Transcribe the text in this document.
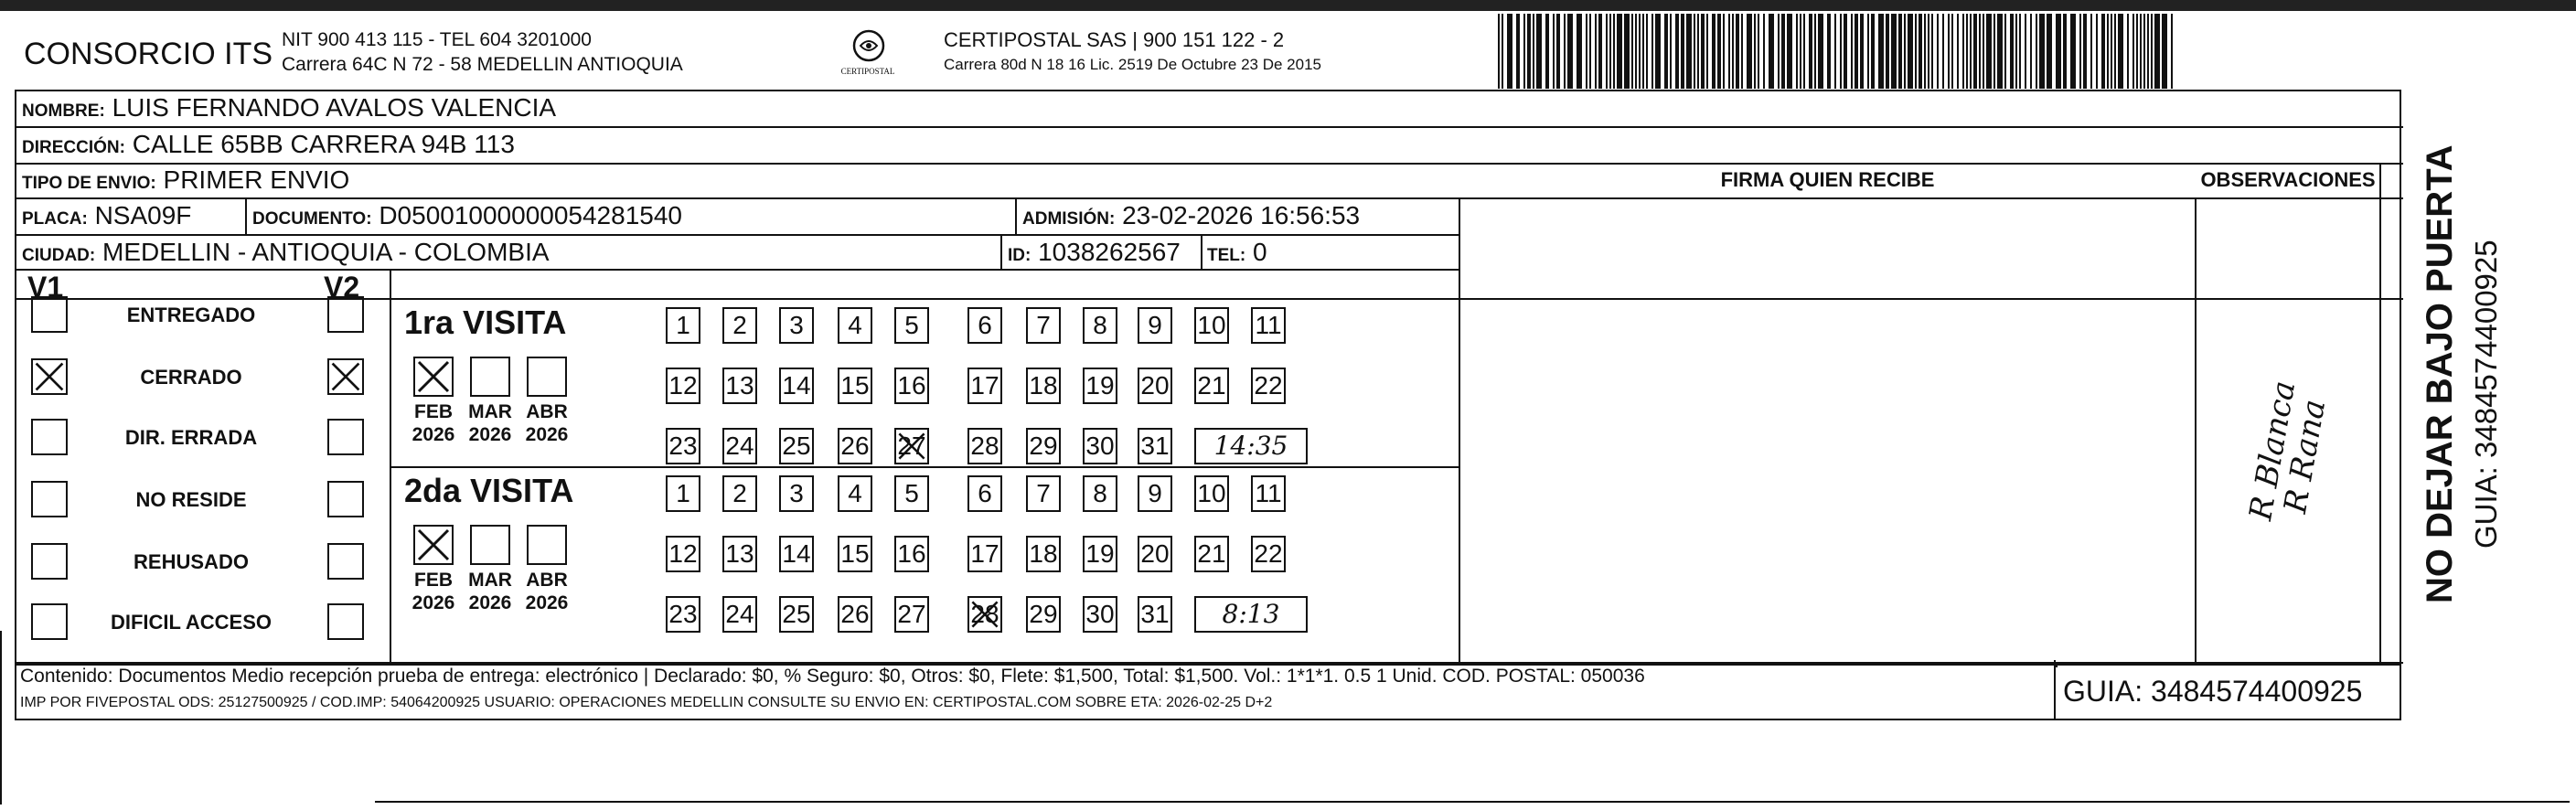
CONSORCIO ITS NIT 900 413 115 - TEL 604 3201000
Carrera 64C N 72 - 58 MEDELLIN ANTIOQUIA	CERTIPOSTAL
CERTIPOSTAL SAS | 900 151 122 - 2
Carrera 80d N 18 16 Lic. 2519 De Octubre 23 De 2015
NOMBRE: LUIS FERNANDO AVALOS VALENCIA
DIRECCIÓN: CALLE 65BB CARRERA 94B 113
TIPO DE ENVIO: PRIMER ENVIO	FIRMA QUIEN RECIBE	OBSERVACIONES
PLACA: NSA09F	DOCUMENTO: D05001000000054281540	ADMISIÓN: 23-02-2026 16:56:53
CIUDAD: MEDELLIN - ANTIOQUIA - COLOMBIA	ID: 1038262567 TEL: 0
V1	V2
ENTREGADO
CERRADO
DIR. ERRADA
NO RESIDE
REHUSADO
DIFICIL ACCESO
1ra VISITA
FEB
2026
MAR
2026
ABR
2026
1	2	3	4	5	6	7	8	9	10 11
12 13 14 15 16 17 18 19 20 21 22
23 24 25 26 27 28 29 30 31	14:35
2da VISITA
FEB
2026
MAR
2026
ABR
2026
1	2	3	4	5	6	7	8	9	10 11
12 13 14 15 16 17 18 19 20 21 22
23 24 25 26 27 28 29 30 31	8:13
R Blanca
R Rana
Contenido: Documentos Medio recepción prueba de entrega: electrónico | Declarado: $0, % Seguro: $0, Otros: $0, Flete: $1,500, Total: $1,500. Vol.: 1*1*1. 0.5 1 Unid. COD. POSTAL: 050036
IMP POR FIVEPOSTAL ODS: 25127500925 / COD.IMP: 54064200925 USUARIO: OPERACIONES MEDELLIN CONSULTE SU ENVIO EN: CERTIPOSTAL.COM SOBRE ETA: 2026-02-25 D+2	GUIA: 3484574400925
NO DEJAR BAJO PUERTA GUIA: 3484574400925
